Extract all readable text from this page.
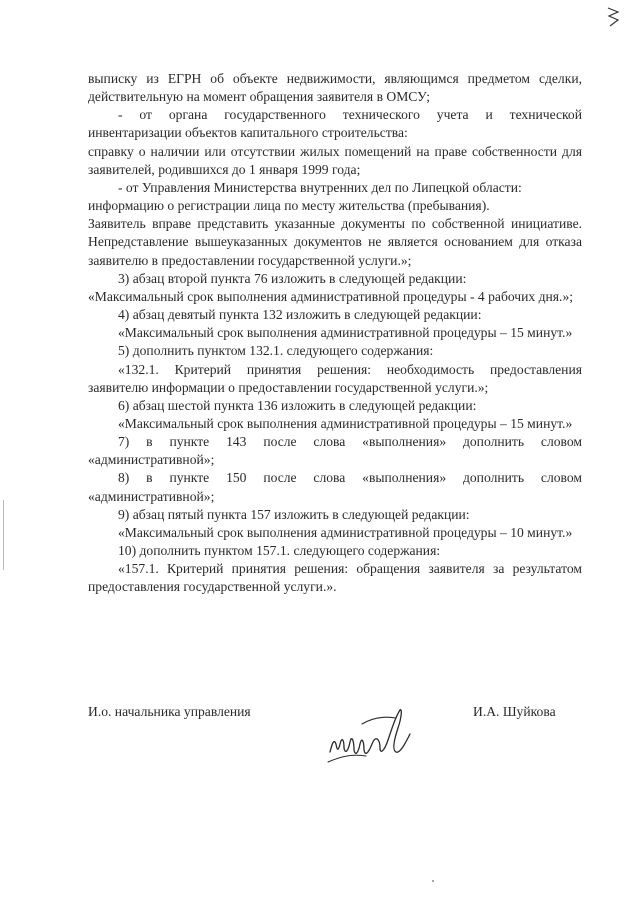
выписку из ЕГРН об объекте недвижимости, являющимся предметом сделки, действительную на момент обращения заявителя в ОМСУ;

- от органа государственного технического учета и технической инвентаризации объектов капитального строительства:

справку о наличии или отсутствии жилых помещений на праве собственности для заявителей, родившихся до 1 января 1999 года;

- от Управления Министерства внутренних дел по Липецкой области:

информацию о регистрации лица по месту жительства (пребывания).

Заявитель вправе представить указанные документы по собственной инициативе. Непредставление вышеуказанных документов не является основанием для отказа заявителю в предоставлении государственной услуги.»;

3) абзац второй пункта 76 изложить в следующей редакции:

«Максимальный срок выполнения административной процедуры - 4 рабочих дня.»;

4) абзац девятый пункта 132 изложить в следующей редакции:

«Максимальный срок выполнения административной процедуры – 15 минут.»

5) дополнить пунктом 132.1. следующего содержания:

«132.1. Критерий принятия решения: необходимость предоставления заявителю информации о предоставлении государственной услуги.»;

6) абзац шестой пункта 136 изложить в следующей редакции:

«Максимальный срок выполнения административной процедуры – 15 минут.»

7) в пункте 143 после слова «выполнения» дополнить словом «административной»;

8) в пункте 150 после слова «выполнения» дополнить словом «административной»;

9) абзац пятый пункта 157 изложить в следующей редакции:

«Максимальный срок выполнения административной процедуры – 10 минут.»

10) дополнить пунктом 157.1. следующего содержания:

«157.1. Критерий принятия решения: обращения заявителя за результатом предоставления государственной услуги.».

И.о. начальника управления	И.А. Шуйкова
